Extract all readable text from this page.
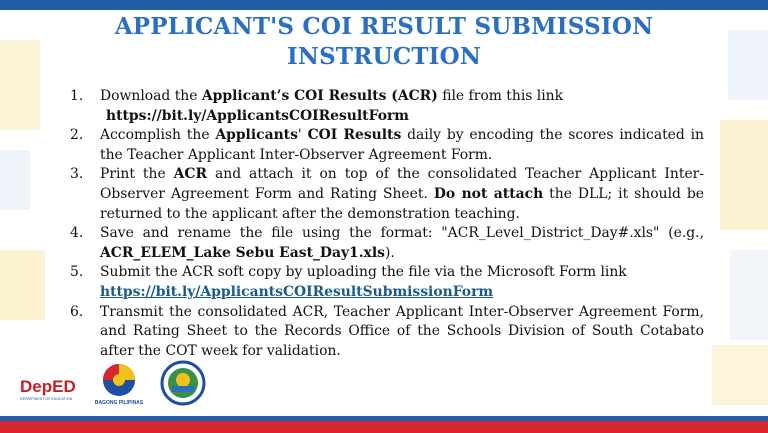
APPLICANT'S COI RESULT SUBMISSION
INSTRUCTION
1. Download the Applicant’s COI Results (ACR) file from this link
https://bit.ly/ApplicantsCOIResultForm
2. Accomplish the Applicants' COI Results daily by encoding the scores indicated in the Teacher Applicant Inter-Observer Agreement Form.
3. Print the ACR and attach it on top of the consolidated Teacher Applicant Inter-Observer Agreement Form and Rating Sheet. Do not attach the DLL; it should be returned to the applicant after the demonstration teaching.
4. Save and rename the file using the format: "ACR_Level_District_Day#.xls" (e.g., ACR_ELEM_Lake Sebu East_Day1.xls).
5. Submit the ACR soft copy by uploading the file via the Microsoft Form link
https://bit.ly/ApplicantsCOIResultSubmissionForm
6. Transmit the consolidated ACR, Teacher Applicant Inter-Observer Agreement Form, and Rating Sheet to the Records Office of the Schools Division of South Cotabato after the COT week for validation.
DepED
DEPARTMENT OF EDUCATION
BAGONG PILIPINAS
